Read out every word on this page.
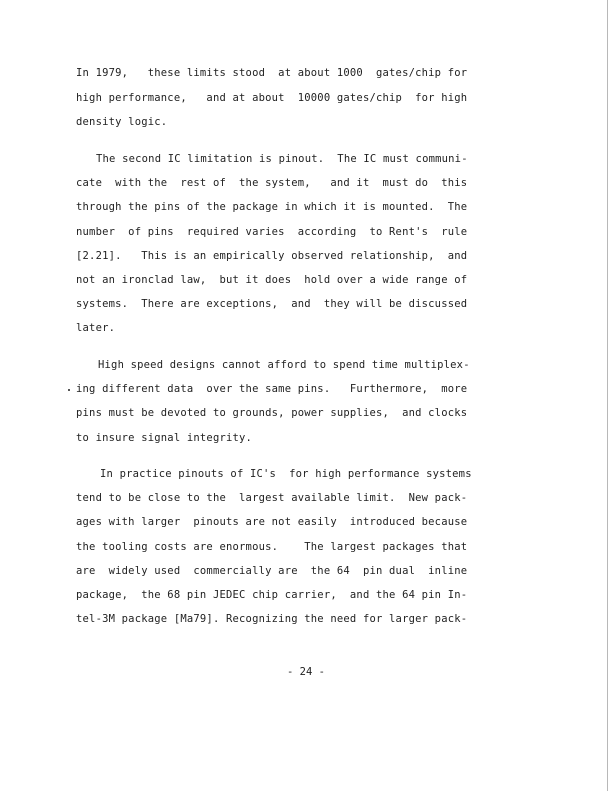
In 1979,   these limits stood  at about 1000  gates/chip for
high performance,   and at about  10000 gates/chip  for high
density logic.
The second IC limitation is pinout.  The IC must communi-
cate  with the  rest of  the system,   and it  must do  this
through the pins of the package in which it is mounted.  The
number  of pins  required varies  according  to Rent's  rule
[2.21].   This is an empirically observed relationship,  and
not an ironclad law,  but it does  hold over a wide range of
systems.  There are exceptions,  and  they will be discussed
later.
High speed designs cannot afford to spend time multiplex-
ing different data  over the same pins.   Furthermore,  more
pins must be devoted to grounds, power supplies,  and clocks
to insure signal integrity.
In practice pinouts of IC's  for high performance systems
tend to be close to the  largest available limit.  New pack-
ages with larger  pinouts are not easily  introduced because
the tooling costs are enormous.    The largest packages that
are  widely used  commercially are  the 64  pin dual  inline
package,  the 68 pin JEDEC chip carrier,  and the 64 pin In-
tel-3M package [Ma79]. Recognizing the need for larger pack-
- 24 -
